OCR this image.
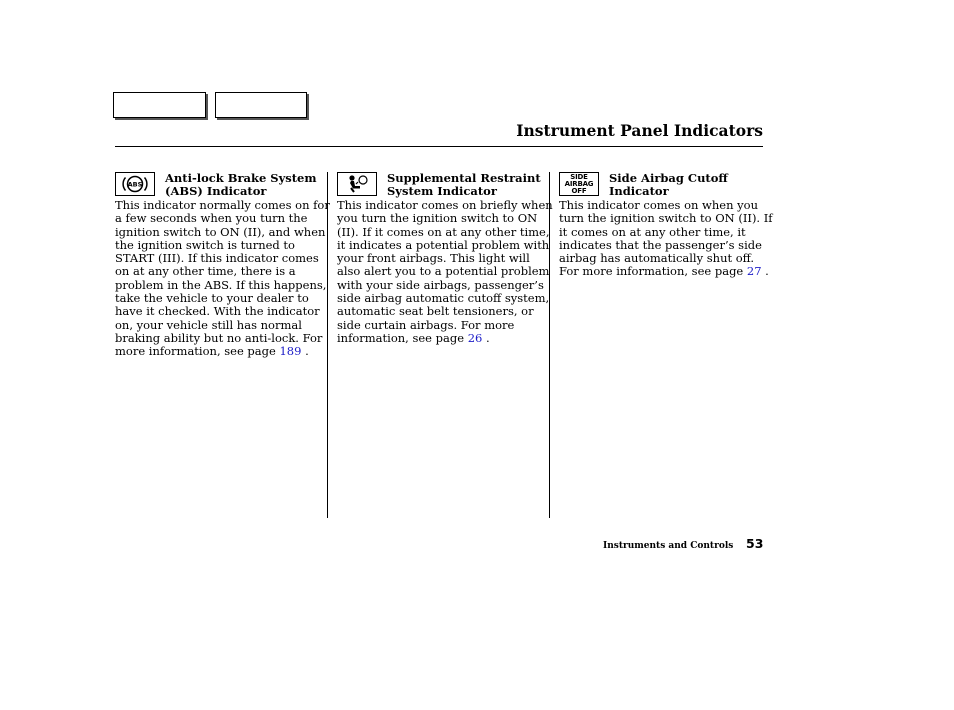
Instrument Panel Indicators
ABS Anti-lock Brake System
(ABS) Indicator
This indicator normally comes on for
a few seconds when you turn the
ignition switch to ON (II), and when
the ignition switch is turned to
START (III). If this indicator comes
on at any other time, there is a
problem in the ABS. If this happens,
take the vehicle to your dealer to
have it checked. With the indicator
on, your vehicle still has normal
braking ability but no anti-lock. For
more information, see page 189 .
Supplemental Restraint
System Indicator
This indicator comes on briefly when
you turn the ignition switch to ON
(II). If it comes on at any other time,
it indicates a potential problem with
your front airbags. This light will
also alert you to a potential problem
with your side airbags, passenger’s
side airbag automatic cutoff system,
automatic seat belt tensioners, or
side curtain airbags. For more
information, see page 26 .
SIDE
AIRBAG
OFF
Side Airbag Cutoff
Indicator
This indicator comes on when you
turn the ignition switch to ON (II). If
it comes on at any other time, it
indicates that the passenger’s side
airbag has automatically shut off.
For more information, see page 27 .
Instruments and Controls 53
